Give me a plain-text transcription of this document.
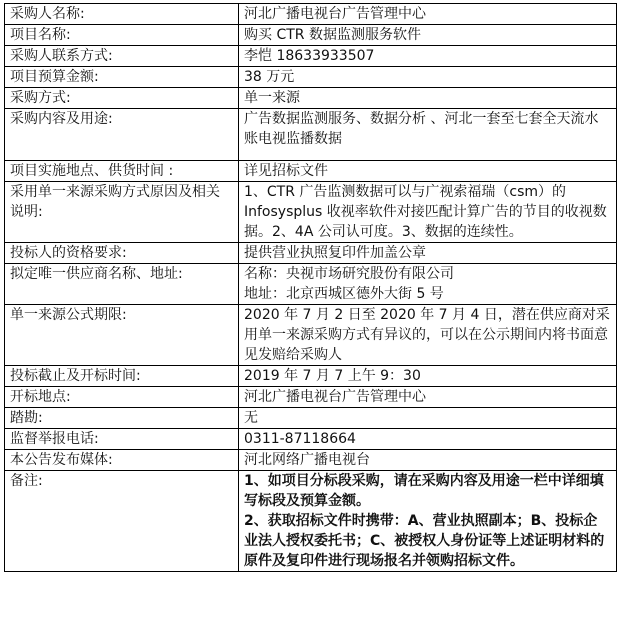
采购人名称:	河北广播电视台广告管理中心
项目名称:	购买 CTR 数据监测服务软件
采购人联系方式:	李恺 18633933507
项目预算金额:	38 万元
采购方式:	单一来源
采购内容及用途:	广告数据监测服务、数据分析 、河北一套至七套全天流水账电视监播数据
项目实施地点、供货时间 :	详见招标文件
采用单一来源采购方式原因及相关说明:	1、CTR 广告监测数据可以与广视索福瑞（csm）的 Infosysplus 收视率软件对接匹配计算广告的节目的收视数据。2、4A 公司认可度。3、数据的连续性。
投标人的资格要求:	提供营业执照复印件加盖公章
拟定唯一供应商名称、地址:	名称：央视市场研究股份有限公司
地址：北京西城区德外大街 5 号

单一来源公式期限:	2020 年 7 月 2 日至 2020 年 7 月 4 日，潜在供应商对采用单一来源采购方式有异议的，可以在公示期间内将书面意见发赔给采购人
投标截止及开标时间:	2019 年 7 月 7 上午 9：30
开标地点:	河北广播电视台广告管理中心
踏勘:	无
监督举报电话:	0311-87118664
本公告发布媒体:	河北网络广播电视台
备注:	1、如项目分标段采购，请在采购内容及用途一栏中详细填写标段及预算金额。

2、获取招标文件时携带：A、营业执照副本；B、投标企业法人授权委托书；C、被授权人身份证等上述证明材料的原件及复印件进行现场报名并领购招标文件。
